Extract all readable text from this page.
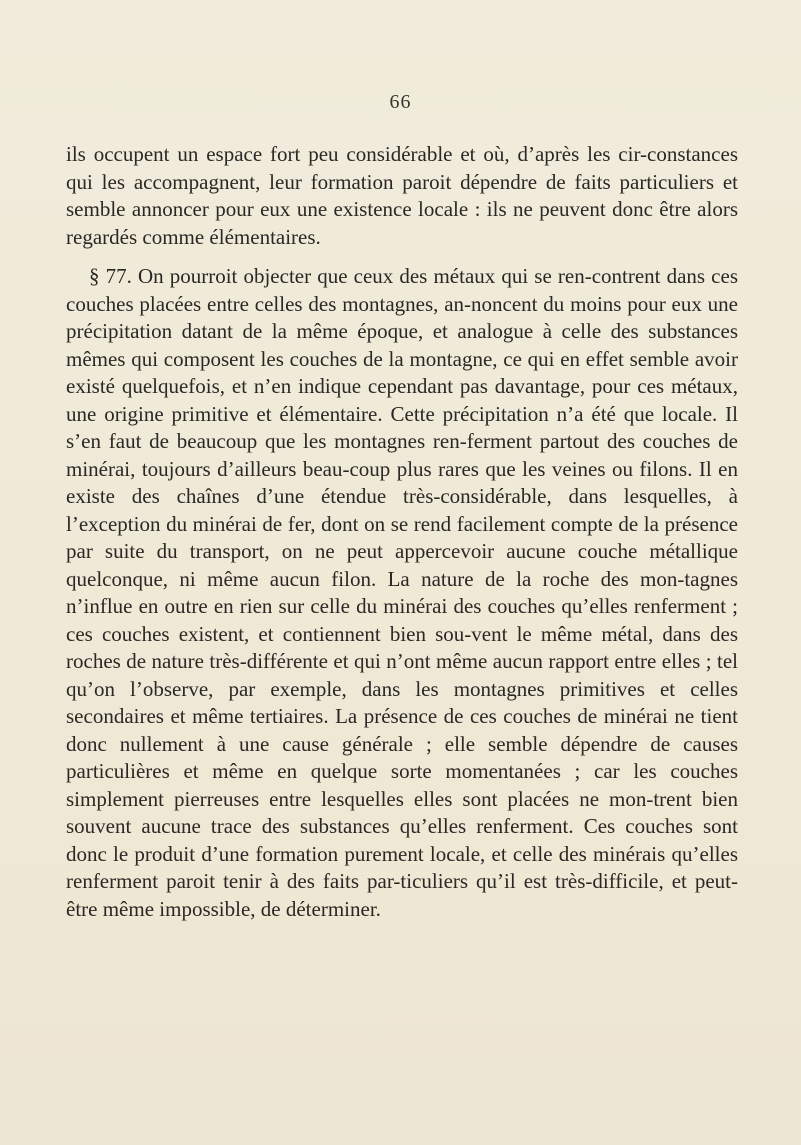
66

ils occupent un espace fort peu considérable et où, d’après les cir-constances qui les accompagnent, leur formation paroit dépendre de faits particuliers et semble annoncer pour eux une existence locale : ils ne peuvent donc être alors regardés comme élémentaires.

§ 77. On pourroit objecter que ceux des métaux qui se ren-contrent dans ces couches placées entre celles des montagnes, an-noncent du moins pour eux une précipitation datant de la même époque, et analogue à celle des substances mêmes qui composent les couches de la montagne, ce qui en effet semble avoir existé quelquefois, et n’en indique cependant pas davantage, pour ces métaux, une origine primitive et élémentaire. Cette précipitation n’a été que locale. Il s’en faut de beaucoup que les montagnes ren-ferment partout des couches de minérai, toujours d’ailleurs beau-coup plus rares que les veines ou filons. Il en existe des chaînes d’une étendue très-considérable, dans lesquelles, à l’exception du minérai de fer, dont on se rend facilement compte de la présence par suite du transport, on ne peut appercevoir aucune couche métallique quelconque, ni même aucun filon. La nature de la roche des mon-tagnes n’influe en outre en rien sur celle du minérai des couches qu’elles renferment ; ces couches existent, et contiennent bien sou-vent le même métal, dans des roches de nature très-différente et qui n’ont même aucun rapport entre elles ; tel qu’on l’observe, par exemple, dans les montagnes primitives et celles secondaires et même tertiaires. La présence de ces couches de minérai ne tient donc nullement à une cause générale ; elle semble dépendre de causes particulières et même en quelque sorte momentanées ; car les couches simplement pierreuses entre lesquelles elles sont placées ne mon-trent bien souvent aucune trace des substances qu’elles renferment. Ces couches sont donc le produit d’une formation purement locale, et celle des minérais qu’elles renferment paroit tenir à des faits par-ticuliers qu’il est très-difficile, et peut-être même impossible, de déterminer.
